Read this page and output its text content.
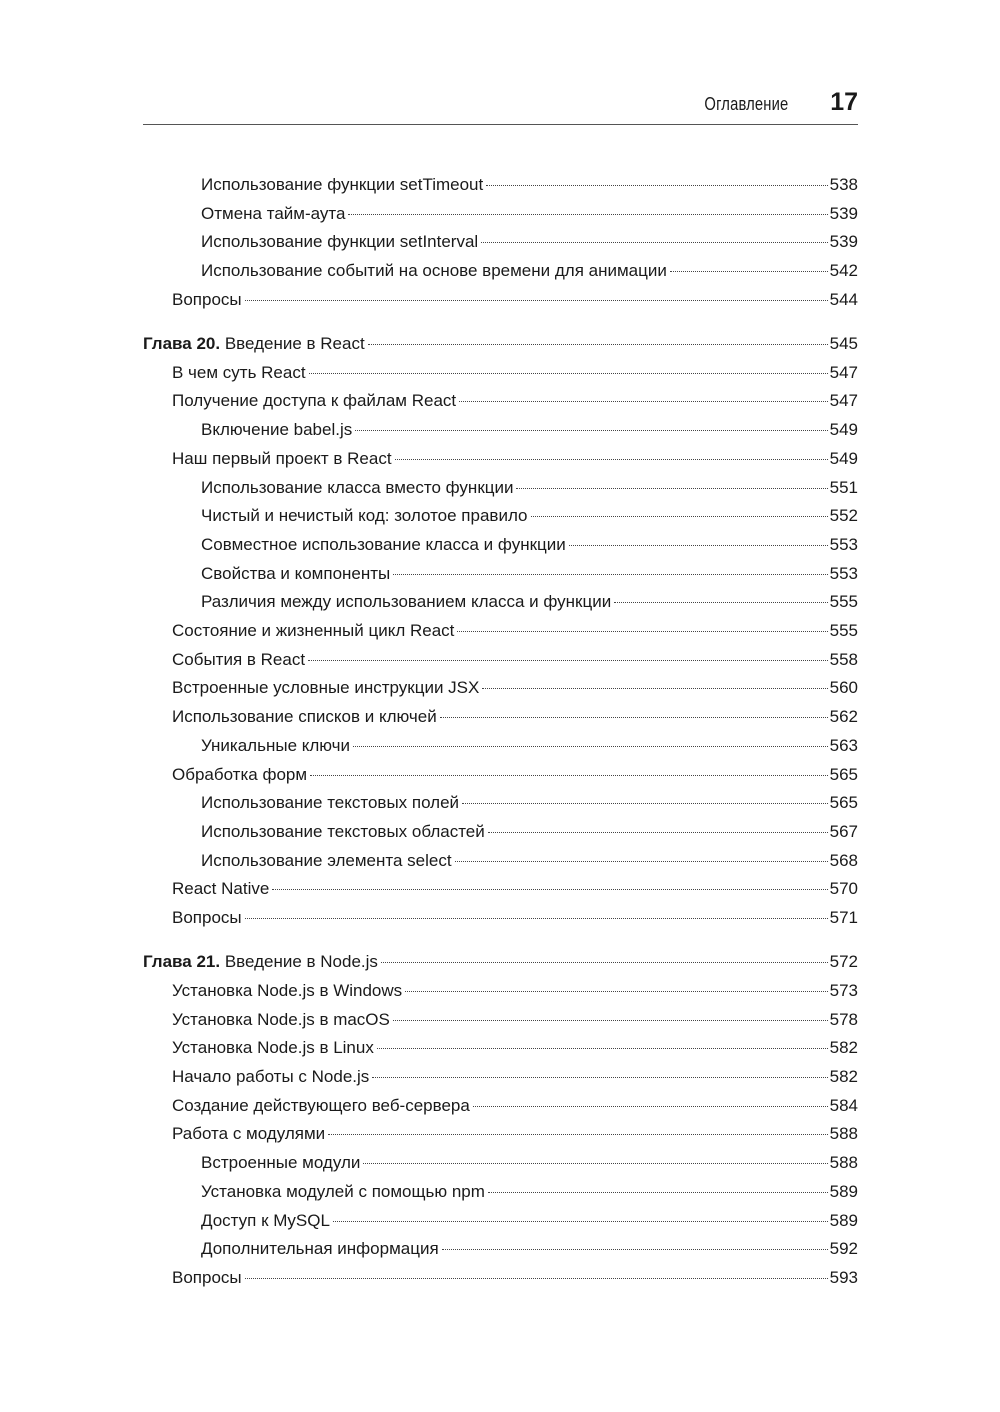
Оглавление 17
Использование функции setTimeout	538
Отмена тайм-аута	539
Использование функции setInterval	539
Использование событий на основе времени для анимации	542
Вопросы	544
Глава 20. Введение в React	545
В чем суть React	547
Получение доступа к файлам React	547
Включение babel.js	549
Наш первый проект в React	549
Использование класса вместо функции	551
Чистый и нечистый код: золотое правило	552
Совместное использование класса и функции	553
Свойства и компоненты	553
Различия между использованием класса и функции	555
Состояние и жизненный цикл React	555
События в React	558
Встроенные условные инструкции JSX	560
Использование списков и ключей	562
Уникальные ключи	563
Обработка форм	565
Использование текстовых полей	565
Использование текстовых областей	567
Использование элемента select	568
React Native	570
Вопросы	571
Глава 21. Введение в Node.js	572
Установка Node.js в Windows	573
Установка Node.js в macOS	578
Установка Node.js в Linux	582
Начало работы с Node.js	582
Создание действующего веб-сервера	584
Работа с модулями	588
Встроенные модули	588
Установка модулей с помощью npm	589
Доступ к MySQL	589
Дополнительная информация	592
Вопросы	593
